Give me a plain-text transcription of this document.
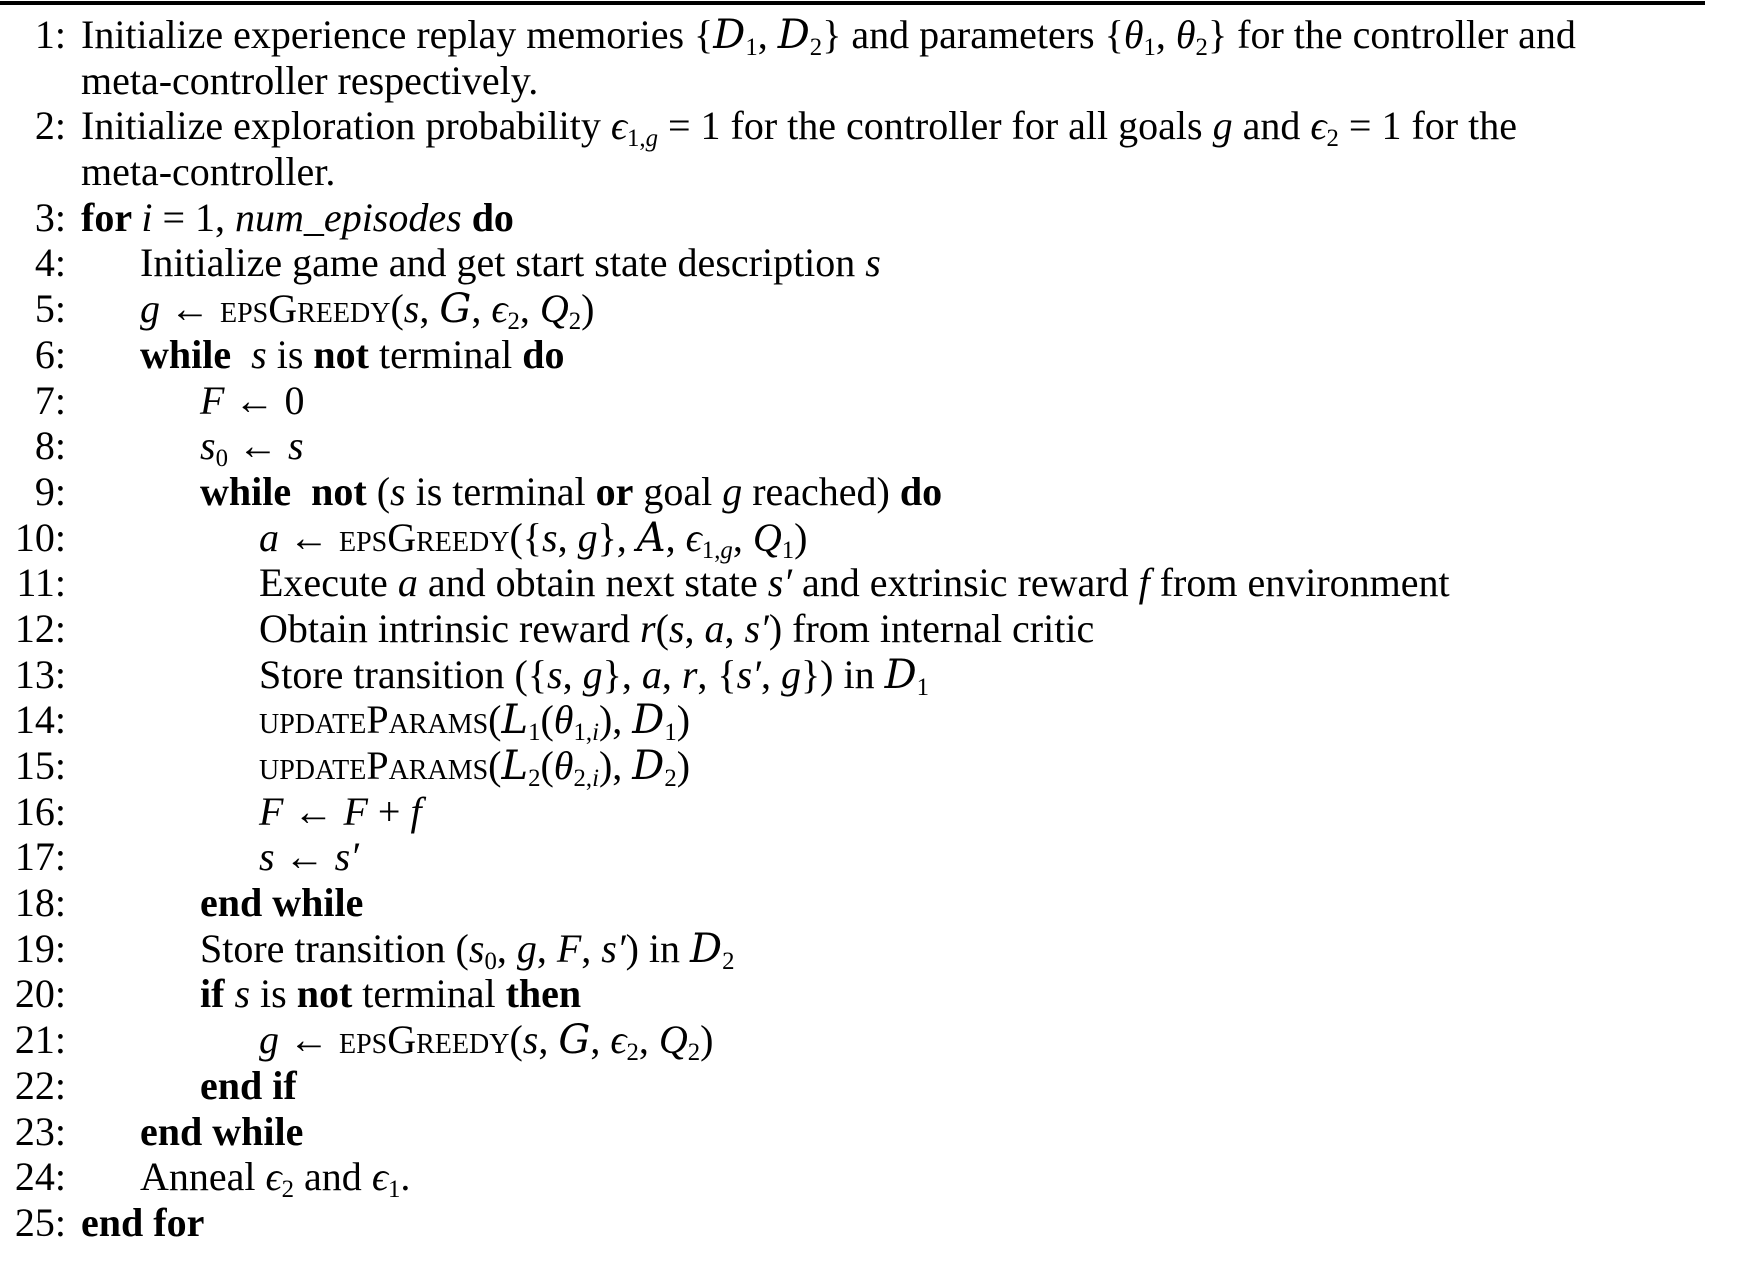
1: Initialize experience replay memories {D1, D2} and parameters {θ1, θ2} for the controller and
meta-controller respectively.
2: Initialize exploration probability ϵ1,g = 1 for the controller for all goals g and ϵ2 = 1 for the
meta-controller.
3: for i = 1, num_episodes do
4:	Initialize game and get start state description s
5:	g ← epsGreedy(s, G, ϵ2, Q2)
6:	while  s is not terminal do
7:	F ← 0
8:	s0 ← s
9:	while  not (s is terminal or goal g reached) do
10:	a ← epsGreedy({s, g}, A, ϵ1,g, Q1)
11:	Execute a and obtain next state s′ and extrinsic reward f from environment
12:	Obtain intrinsic reward r(s, a, s′) from internal critic
13:	Store transition ({s, g}, a, r, {s′, g}) in D1
14:	updateParams(L1(θ1,i), D1)
15:	updateParams(L2(θ2,i), D2)
16:	F ← F + f
17:	s ← s′
18:	end while
19:	Store transition (s0, g, F, s′) in D2
20:	if s is not terminal then
21:	g ← epsGreedy(s, G, ϵ2, Q2)
22:	end if
23:	end while
24:	Anneal ϵ2 and ϵ1.
25: end for
